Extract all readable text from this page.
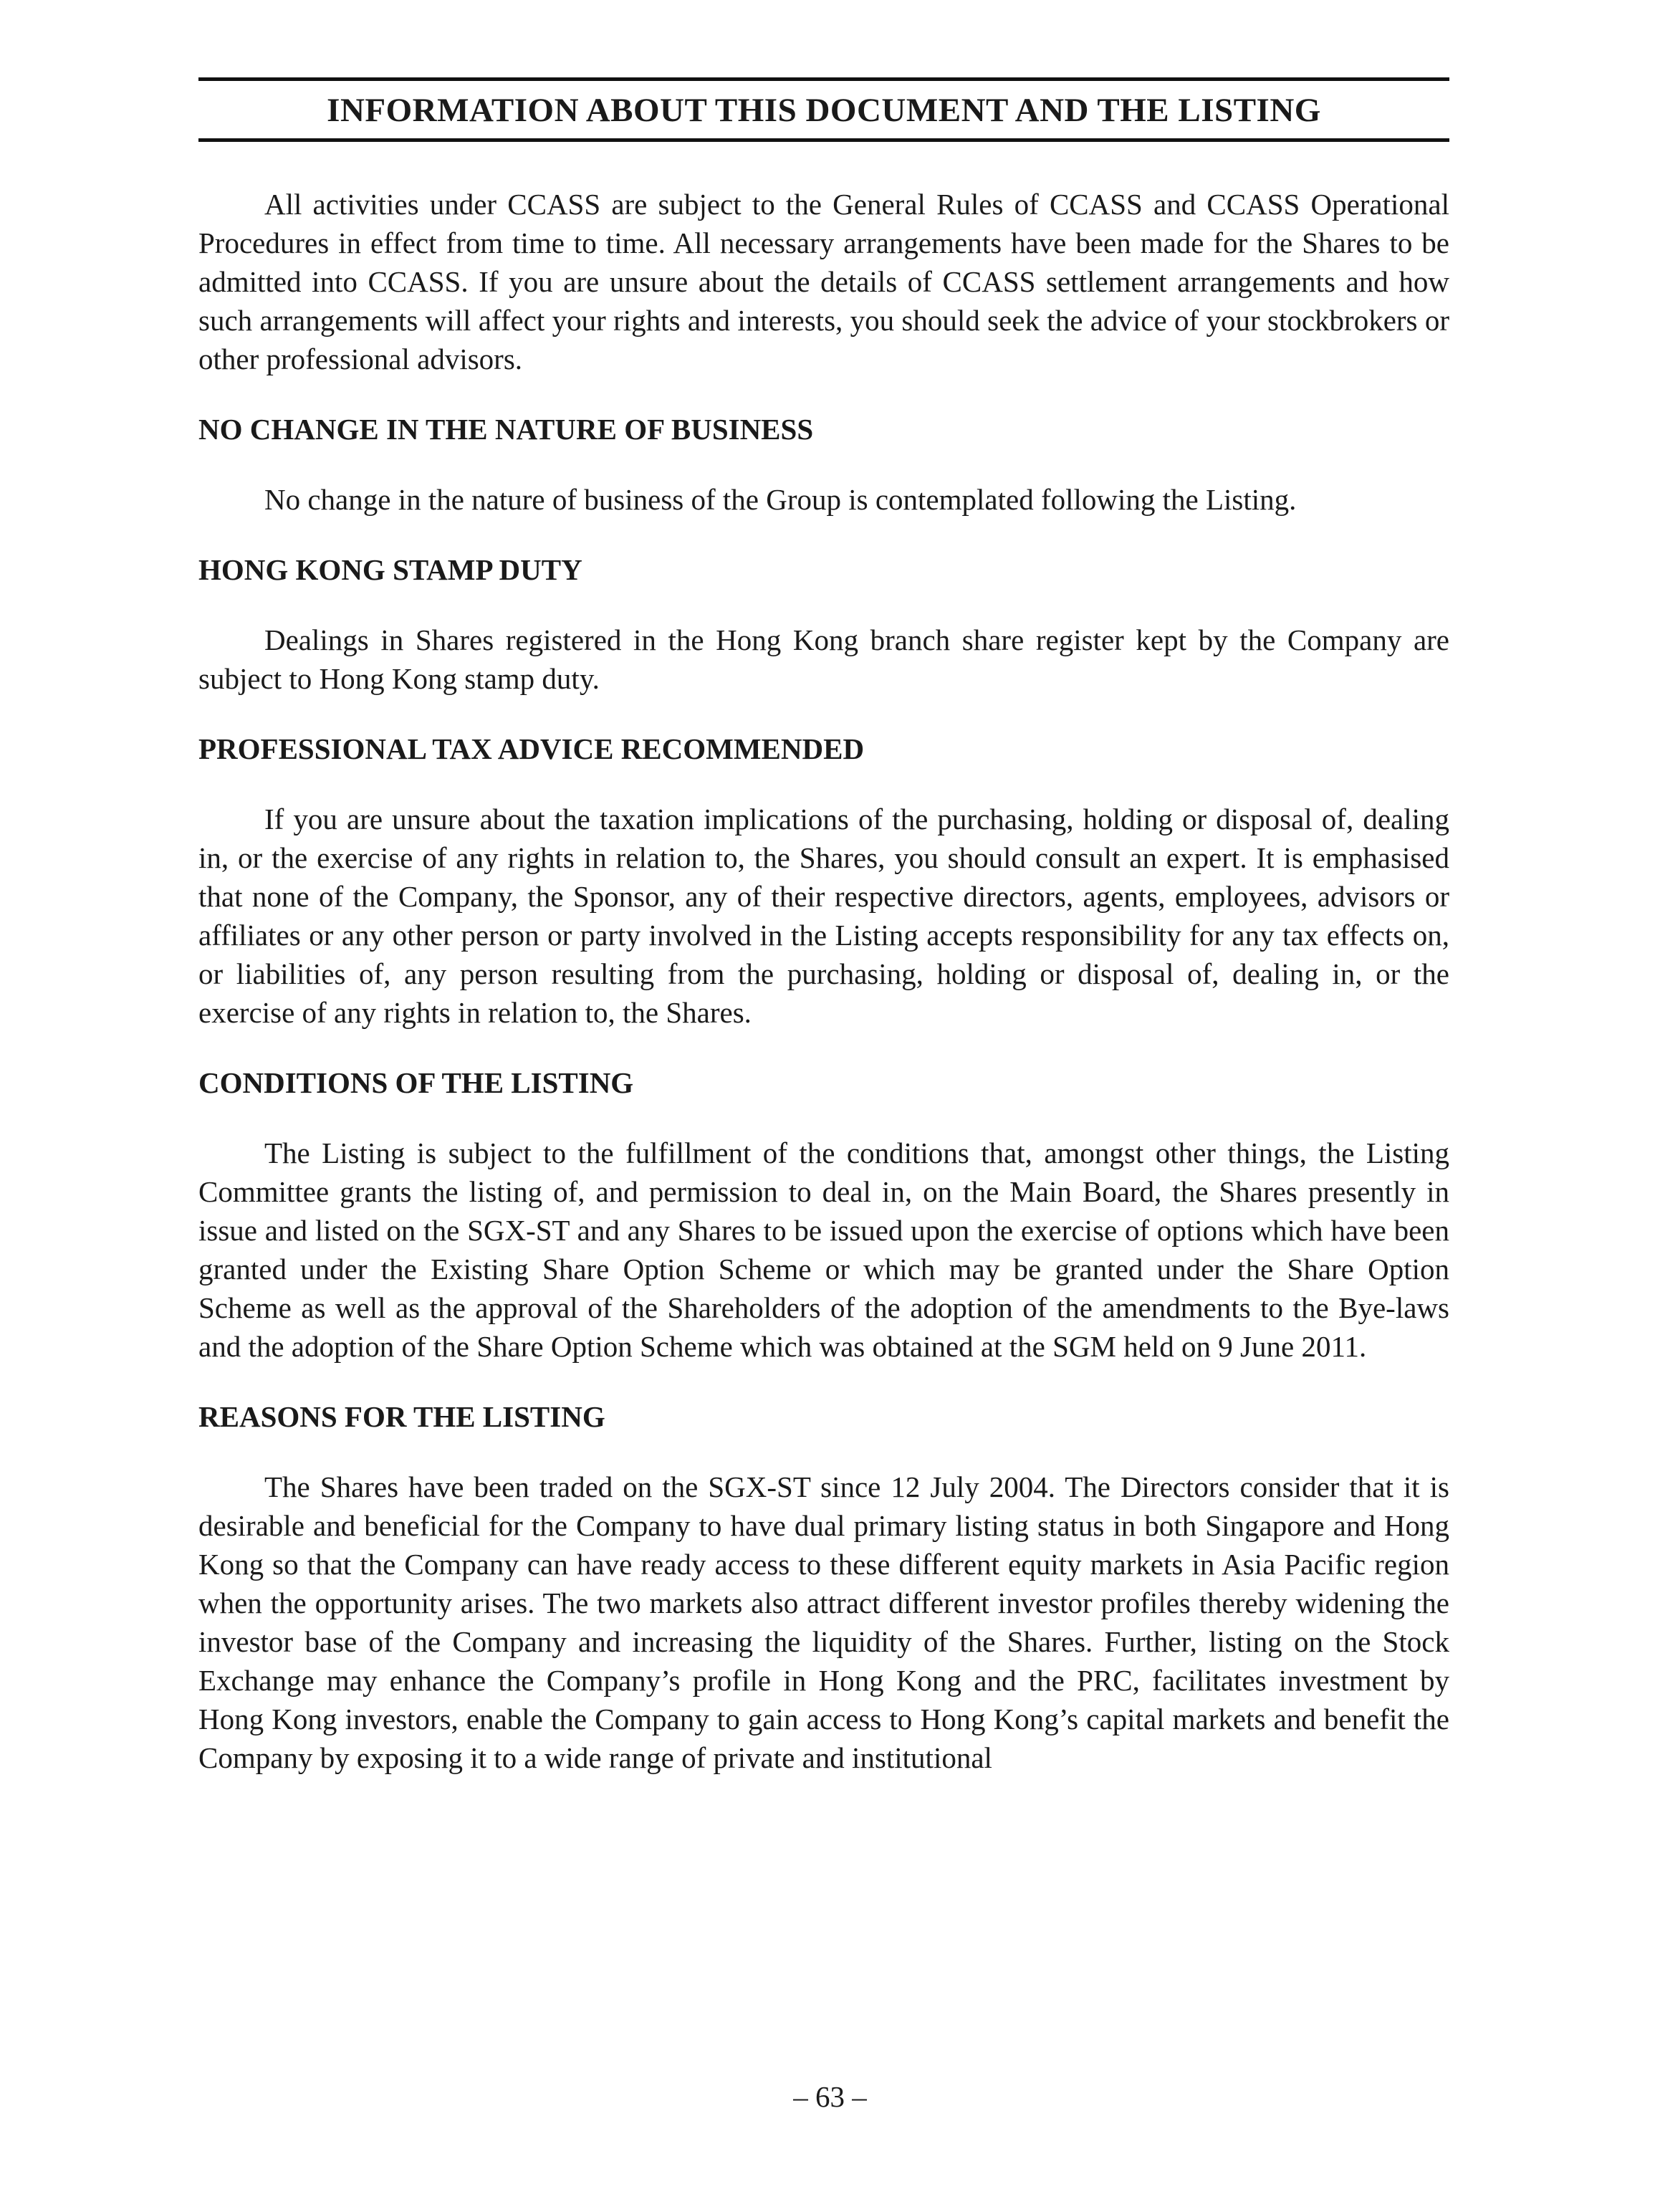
INFORMATION ABOUT THIS DOCUMENT AND THE LISTING

All activities under CCASS are subject to the General Rules of CCASS and CCASS Operational Procedures in effect from time to time. All necessary arrangements have been made for the Shares to be admitted into CCASS. If you are unsure about the details of CCASS settlement arrangements and how such arrangements will affect your rights and interests, you should seek the advice of your stockbrokers or other professional advisors.

NO CHANGE IN THE NATURE OF BUSINESS

No change in the nature of business of the Group is contemplated following the Listing.

HONG KONG STAMP DUTY

Dealings in Shares registered in the Hong Kong branch share register kept by the Company are subject to Hong Kong stamp duty.

PROFESSIONAL TAX ADVICE RECOMMENDED

If you are unsure about the taxation implications of the purchasing, holding or disposal of, dealing in, or the exercise of any rights in relation to, the Shares, you should consult an expert. It is emphasised that none of the Company, the Sponsor, any of their respective directors, agents, employees, advisors or affiliates or any other person or party involved in the Listing accepts responsibility for any tax effects on, or liabilities of, any person resulting from the purchasing, holding or disposal of, dealing in, or the exercise of any rights in relation to, the Shares.

CONDITIONS OF THE LISTING

The Listing is subject to the fulfillment of the conditions that, amongst other things, the Listing Committee grants the listing of, and permission to deal in, on the Main Board, the Shares presently in issue and listed on the SGX-ST and any Shares to be issued upon the exercise of options which have been granted under the Existing Share Option Scheme or which may be granted under the Share Option Scheme as well as the approval of the Shareholders of the adoption of the amendments to the Bye-laws and the adoption of the Share Option Scheme which was obtained at the SGM held on 9 June 2011.

REASONS FOR THE LISTING

The Shares have been traded on the SGX-ST since 12 July 2004. The Directors consider that it is desirable and beneficial for the Company to have dual primary listing status in both Singapore and Hong Kong so that the Company can have ready access to these different equity markets in Asia Pacific region when the opportunity arises. The two markets also attract different investor profiles thereby widening the investor base of the Company and increasing the liquidity of the Shares. Further, listing on the Stock Exchange may enhance the Company’s profile in Hong Kong and the PRC, facilitates investment by Hong Kong investors, enable the Company to gain access to Hong Kong’s capital markets and benefit the Company by exposing it to a wide range of private and institutional

– 63 –
